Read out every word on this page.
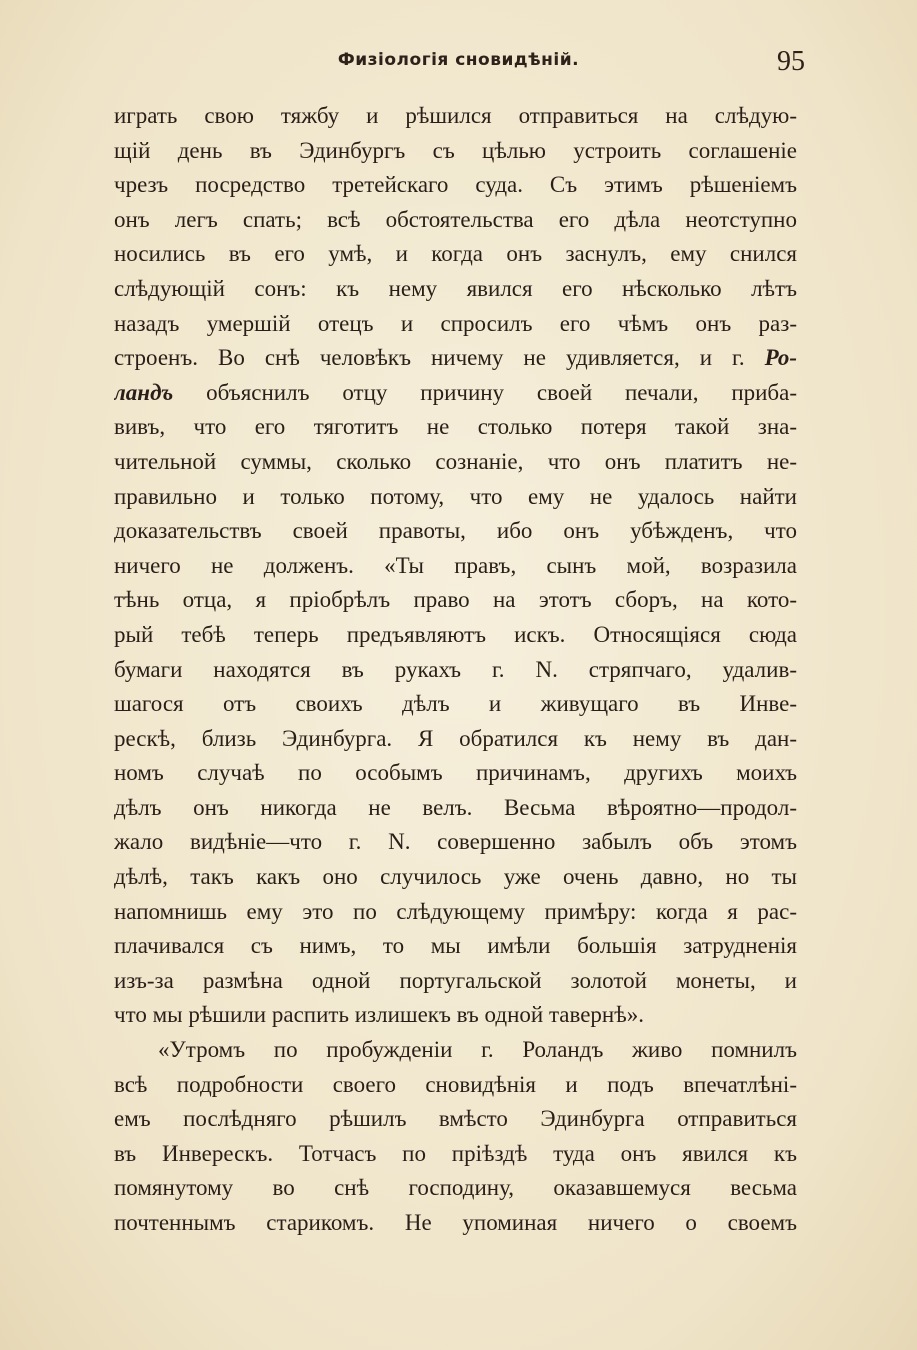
Физіологія сновидѣній.	95
играть свою тяжбу и рѣшился отправиться на слѣдую-
щій день въ Эдинбургъ съ цѣлью устроить соглашеніе
чрезъ посредство третейскаго суда. Съ этимъ рѣшеніемъ
онъ легъ спать; всѣ обстоятельства его дѣла неотступно
носились въ его умѣ, и когда онъ заснулъ, ему снился
слѣдующій сонъ: къ нему явился его нѣсколько лѣтъ
назадъ умершій отецъ и спросилъ его чѣмъ онъ раз-
строенъ. Во снѣ человѣкъ ничему не удивляется, и г. Ро-
ландъ объяснилъ отцу причину своей печали, приба-
вивъ, что его тяготитъ не столько потеря такой зна-
чительной суммы, сколько сознаніе, что онъ платитъ не-
правильно и только потому, что ему не удалось найти
доказательствъ своей правоты, ибо онъ убѣжденъ, что
ничего не долженъ. «Ты правъ, сынъ мой, возразила
тѣнь отца, я пріобрѣлъ право на этотъ сборъ, на кото-
рый тебѣ теперь предъявляютъ искъ. Относящіяся сюда
бумаги находятся въ рукахъ г. N. стряпчаго, удалив-
шагося отъ своихъ дѣлъ и живущаго въ Инве-
рескѣ, близь Эдинбурга. Я обратился къ нему въ дан-
номъ случаѣ по особымъ причинамъ, другихъ моихъ
дѣлъ онъ никогда не велъ. Весьма вѣроятно—продол-
жало видѣніе—что г. N. совершенно забылъ объ этомъ
дѣлѣ, такъ какъ оно случилось уже очень давно, но ты
напомнишь ему это по слѣдующему примѣру: когда я рас-
плачивался съ нимъ, то мы имѣли большія затрудненія
изъ-за размѣна одной португальской золотой монеты, и
что мы рѣшили распить излишекъ въ одной тавернѣ».
«Утромъ по пробужденіи г. Роландъ живо помнилъ
всѣ подробности своего сновидѣнія и подъ впечатлѣні-
емъ послѣдняго рѣшилъ вмѣсто Эдинбурга отправиться
въ Инверескъ. Тотчасъ по пріѣздѣ туда онъ явился къ
помянутому во снѣ господину, оказавшемуся весьма
почтеннымъ старикомъ. Не упоминая ничего о своемъ
